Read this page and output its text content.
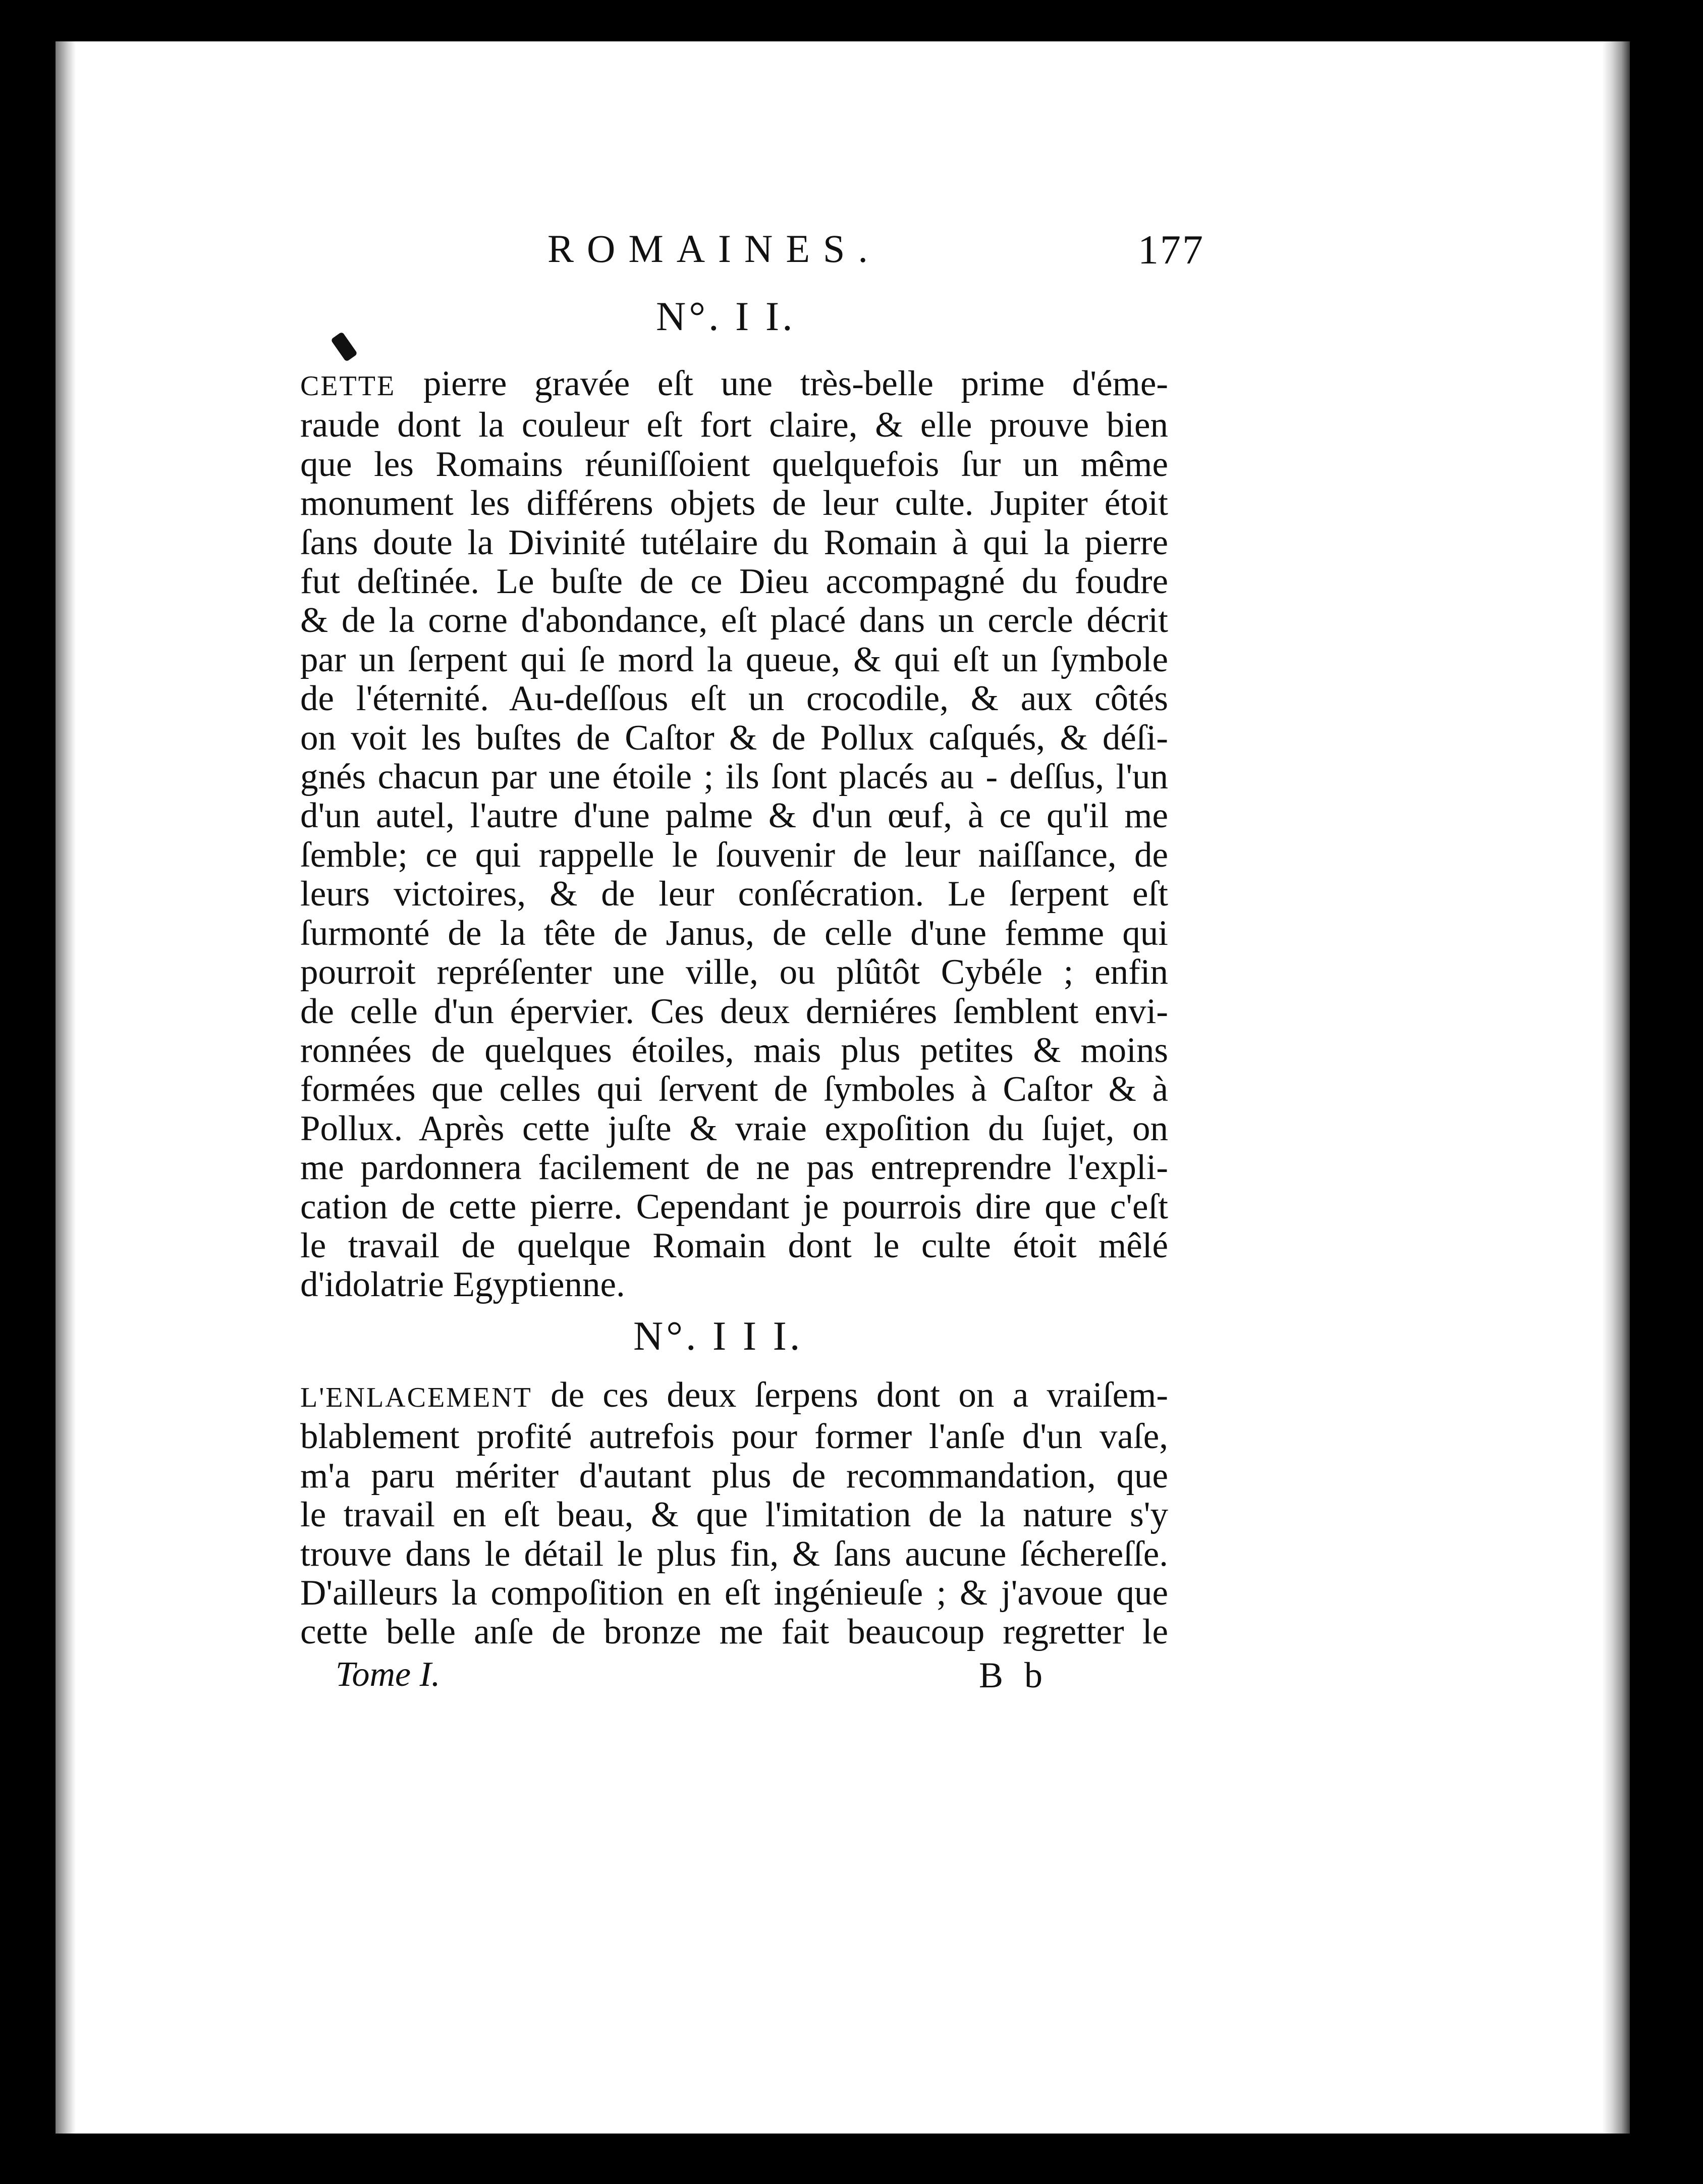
ROMAINES.	177
N°. I I.
CETTE pierre gravée eſt une très-belle prime d'éme-
raude dont la couleur eſt fort claire, & elle prouve bien
que les Romains réuniſſoient quelquefois ſur un même
monument les différens objets de leur culte. Jupiter étoit
ſans doute la Divinité tutélaire du Romain à qui la pierre
fut deſtinée. Le buſte de ce Dieu accompagné du foudre
& de la corne d'abondance, eſt placé dans un cercle décrit
par un ſerpent qui ſe mord la queue, & qui eſt un ſymbole
de l'éternité. Au-deſſous eſt un crocodile, & aux côtés
on voit les buſtes de Caſtor & de Pollux caſqués, & déſi-
gnés chacun par une étoile ; ils ſont placés au - deſſus, l'un
d'un autel, l'autre d'une palme & d'un œuf, à ce qu'il me
ſemble; ce qui rappelle le ſouvenir de leur naiſſance, de
leurs victoires, & de leur conſécration. Le ſerpent eſt
ſurmonté de la tête de Janus, de celle d'une femme qui
pourroit repréſenter une ville, ou plûtôt Cybéle ; enfin
de celle d'un épervier. Ces deux derniéres ſemblent envi-
ronnées de quelques étoiles, mais plus petites & moins
formées que celles qui ſervent de ſymboles à Caſtor & à
Pollux. Après cette juſte & vraie expoſition du ſujet, on
me pardonnera facilement de ne pas entreprendre l'expli-
cation de cette pierre. Cependant je pourrois dire que c'eſt
le travail de quelque Romain dont le culte étoit mêlé
d'idolatrie Egyptienne.
N°. I I I.
L'ENLACEMENT de ces deux ſerpens dont on a vraiſem-
blablement profité autrefois pour former l'anſe d'un vaſe,
m'a paru mériter d'autant plus de recommandation, que
le travail en eſt beau, & que l'imitation de la nature s'y
trouve dans le détail le plus fin, & ſans aucune ſéchereſſe.
D'ailleurs la compoſition en eſt ingénieuſe ; & j'avoue que
cette belle anſe de bronze me fait beaucoup regretter le
Tome I.	B b
